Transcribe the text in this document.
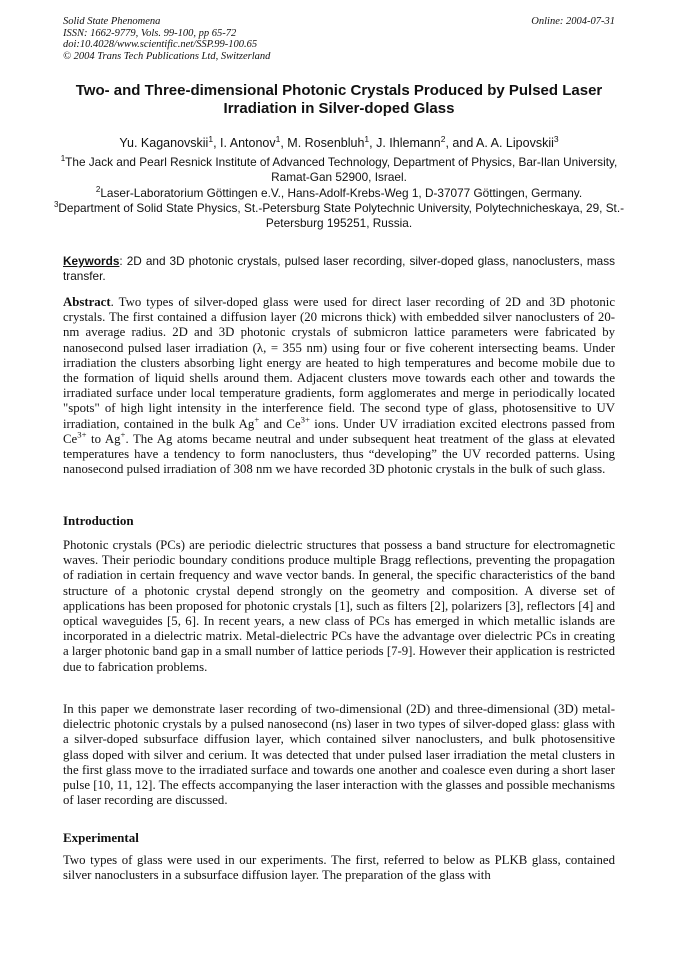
Solid State Phenomena
ISSN: 1662-9779, Vols. 99-100, pp 65-72
doi:10.4028/www.scientific.net/SSP.99-100.65
© 2004 Trans Tech Publications Ltd, Switzerland
Online: 2004-07-31
Two- and Three-dimensional Photonic Crystals Produced by Pulsed Laser Irradiation in Silver-doped Glass
Yu. Kaganovskii$^1$, I. Antonov$^1$, M. Rosenbluh$^1$, J. Ihlemann$^2$, and A. A. Lipovskii$^3$

$^1$The Jack and Pearl Resnick Institute of Advanced Technology, Department of Physics, Bar-Ilan University, Ramat-Gan 52900, Israel.

$^2$Laser-Laboratorium Göttingen e.V., Hans-Adolf-Krebs-Weg 1, D-37077 Göttingen, Germany.

$^3$Department of Solid State Physics, St.-Petersburg State Polytechnic University, Polytechnicheskaya, 29, St.-Petersburg 195251, Russia.

Keywords: 2D and 3D photonic crystals, pulsed laser recording, silver-doped glass, nanoclusters, mass transfer.

Abstract. Two types of silver-doped glass were used for direct laser recording of 2D and 3D photonic crystals. The first contained a diffusion layer (20 microns thick) with embedded silver nanoclusters of 20-nm average radius. 2D and 3D photonic crystals of submicron lattice parameters were fabricated by nanosecond pulsed laser irradiation (λ, = 355 nm) using four or five coherent intersecting beams. Under irradiation the clusters absorbing light energy are heated to high temperatures and become mobile due to the formation of liquid shells around them. Adjacent clusters move towards each other and towards the irradiated surface under local temperature gradients, form agglomerates and merge in periodically located "spots" of high light intensity in the interference field. The second type of glass, photosensitive to UV irradiation, contained in the bulk Ag+ and $Ce^{3+}$ ions. Under UV irradiation excited electrons passed from $Ce^{3+}$ to Ag+. The Ag atoms became neutral and under subsequent heat treatment of the glass at elevated temperatures have a tendency to form nanoclusters, thus “developing” the UV recorded patterns. Using nanosecond pulsed irradiation of 308 nm we have recorded 3D photonic crystals in the bulk of such glass.

Introduction

Photonic crystals (PCs) are periodic dielectric structures that possess a band structure for electromagnetic waves. Their periodic boundary conditions produce multiple Bragg reflections, preventing the propagation of radiation in certain frequency and wave vector bands. In general, the specific characteristics of the band structure of a photonic crystal depend strongly on the geometry and composition. A diverse set of applications has been proposed for photonic crystals [1], such as filters [2], polarizers [3], reflectors [4] and optical waveguides [5, 6]. In recent years, a new class of PCs has emerged in which metallic islands are incorporated in a dielectric matrix. Metal-dielectric PCs have the advantage over dielectric PCs in creating a larger photonic band gap in a small number of lattice periods [7-9]. However their application is restricted due to fabrication problems.

In this paper we demonstrate laser recording of two-dimensional (2D) and three-dimensional (3D) metal-dielectric photonic crystals by a pulsed nanosecond (ns) laser in two types of silver-doped glass: glass with a silver-doped subsurface diffusion layer, which contained silver nanoclusters, and bulk photosensitive glass doped with silver and cerium. It was detected that under pulsed laser irradiation the metal clusters in the first glass move to the irradiated surface and towards one another and coalesce even during a short laser pulse [10, 11, 12]. The effects accompanying the laser interaction with the glasses and possible mechanisms of laser recording are discussed.

Experimental

Two types of glass were used in our experiments. The first, referred to below as PLKB glass, contained silver nanoclusters in a subsurface diffusion layer. The preparation of the glass with
